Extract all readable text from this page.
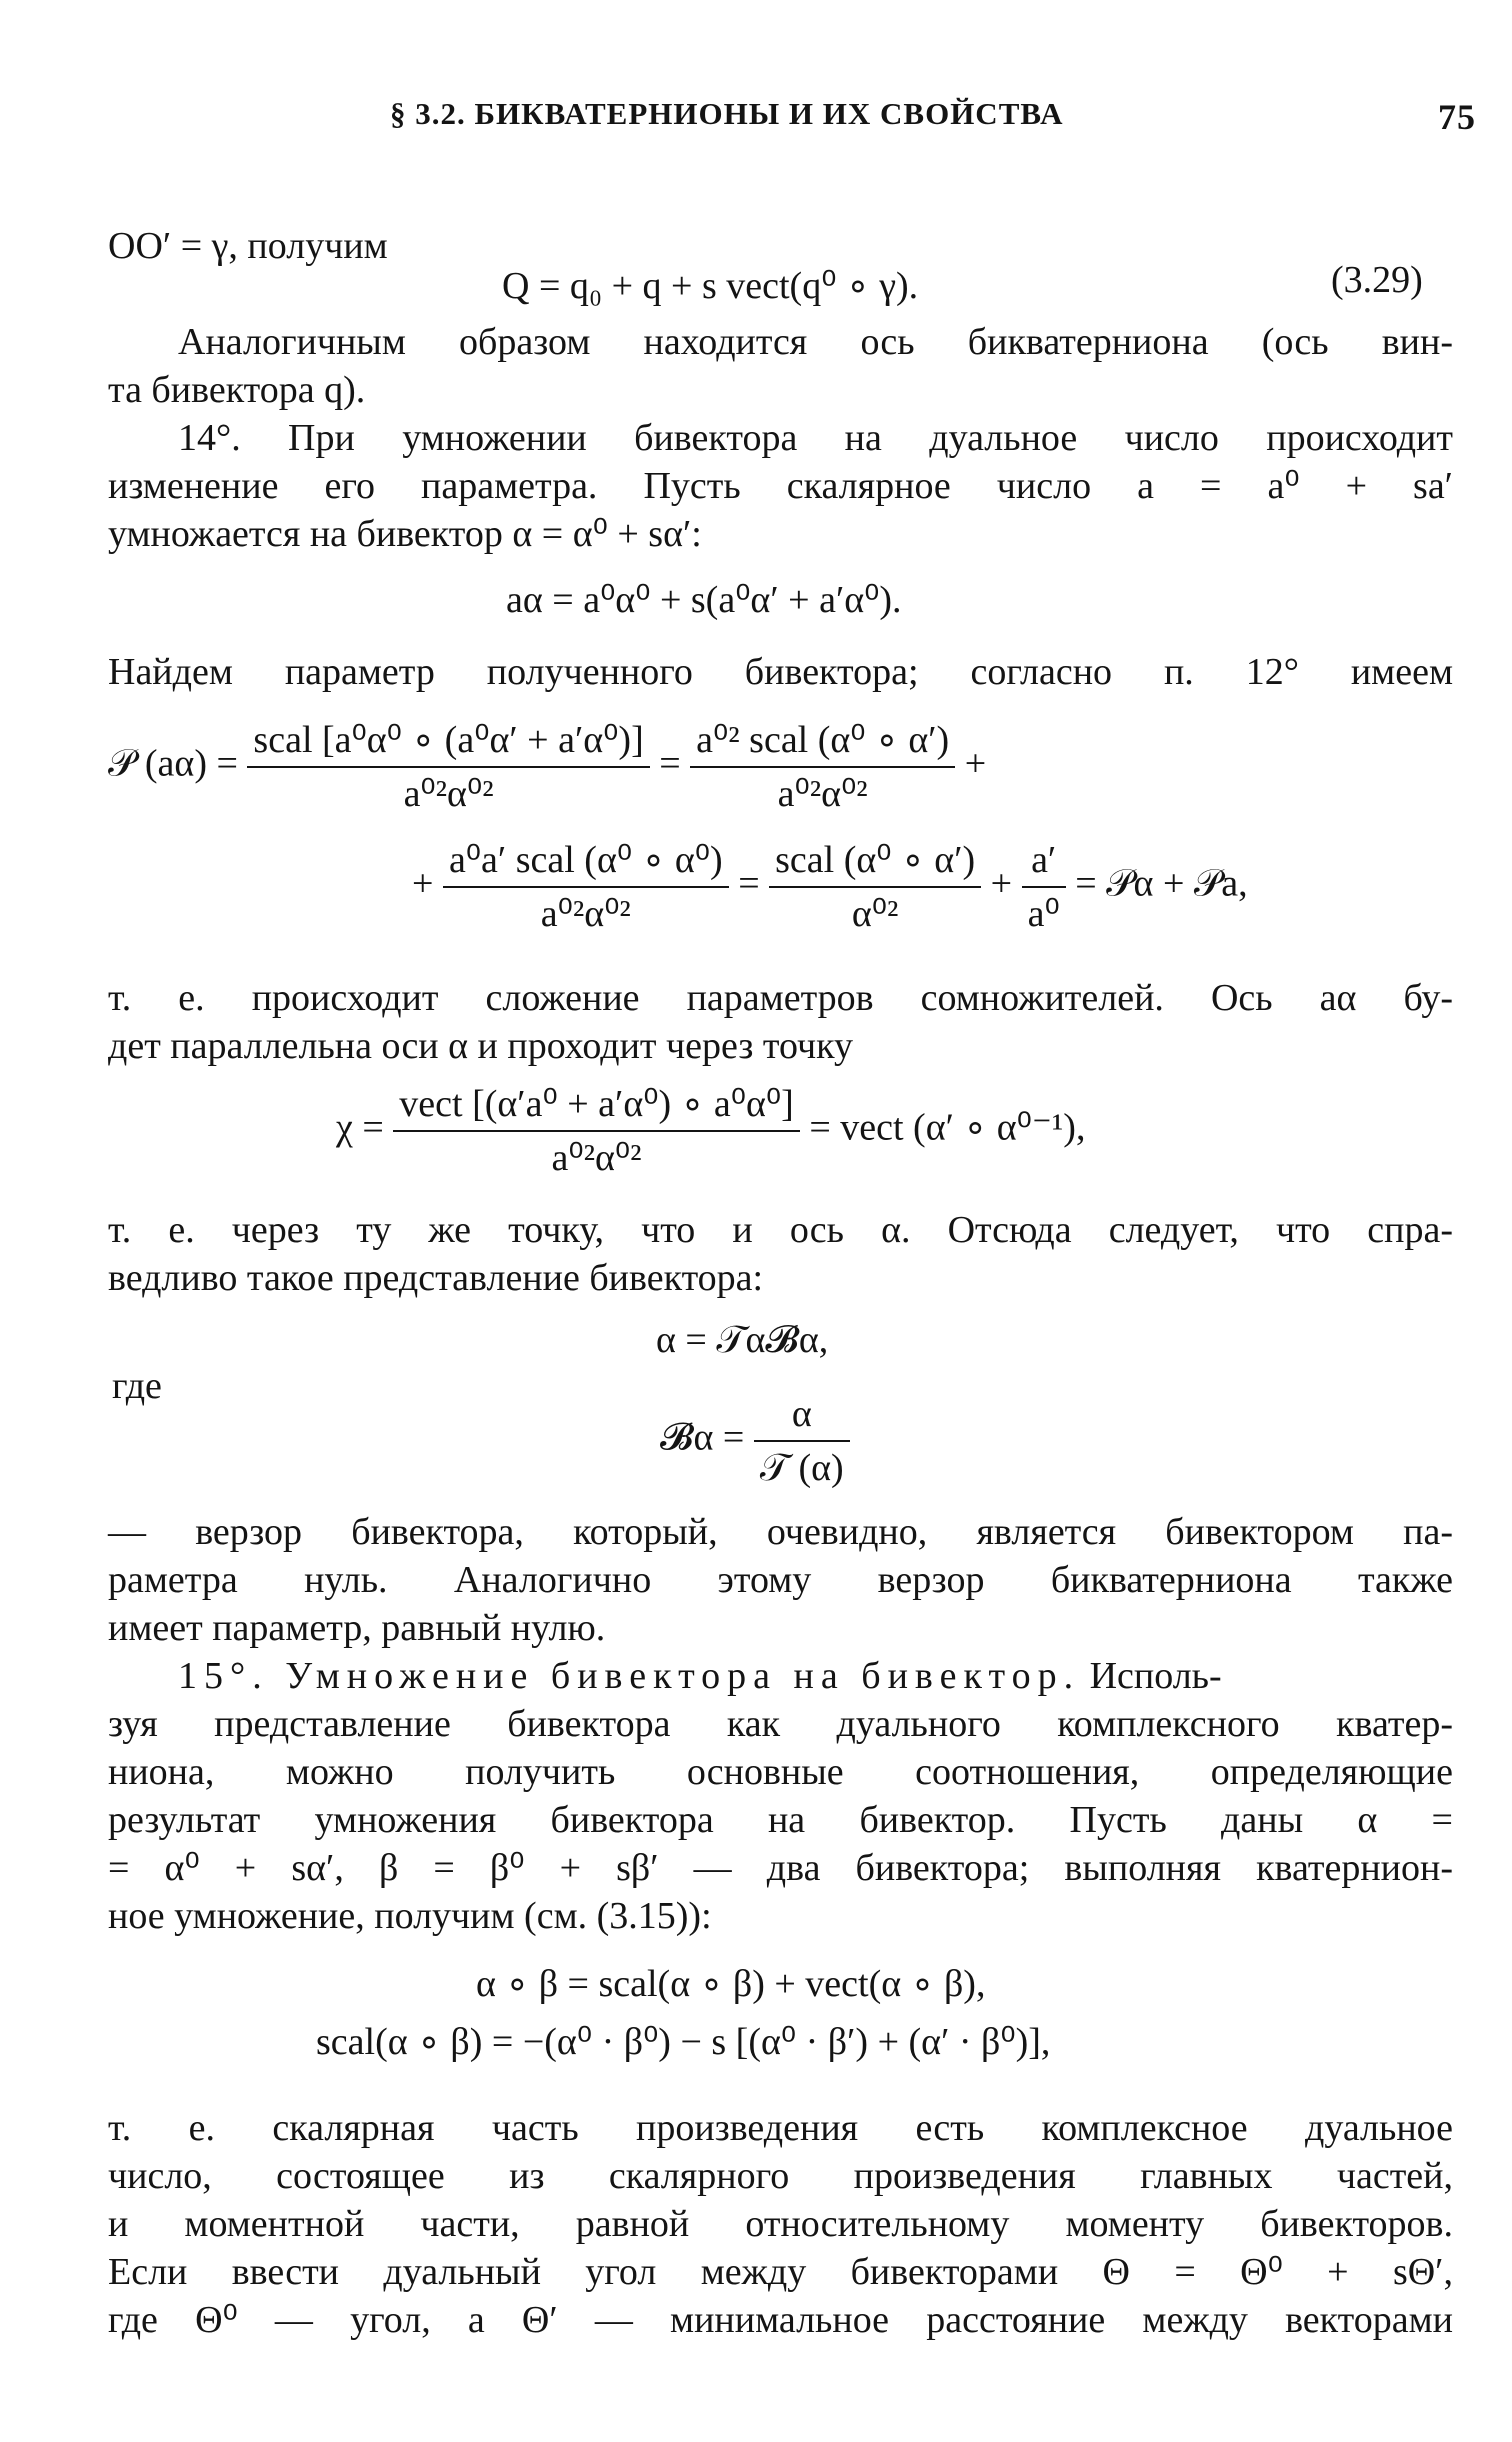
§ 3.2. БИКВАТЕРНИОНЫ И ИХ СВОЙСТВА	75
OO′ = γ, получим
Q = q₀ + q + s vect(q⁰ ∘ γ).	(3.29)
Аналогичным образом находится ось бикватерниона (ось вин-
та бивектора q).
14°. При умножении бивектора на дуальное число происходит
изменение его параметра. Пусть скалярное число a = a⁰ + sa′
умножается на бивектор α = α⁰ + sα′:
aα = a⁰α⁰ + s(a⁰α′ + a′α⁰).
Найдем параметр полученного бивектора; согласно п. 12° имеем
𝒫 $(a\alpha) = \frac{\text{scal [a⁰α⁰ ∘ (a⁰α′ + a′α⁰)]}}{\text{a⁰²α⁰²}} = \frac{\text{a⁰² scal (α⁰ ∘ α′)}}{\text{a⁰²α⁰²}}$ +
+ $\frac{\text{a⁰a′ scal (α⁰ ∘ α⁰)}}{\text{a⁰²α⁰²}} = \frac{\text{scal (α⁰ ∘ α′)}}{\text{α⁰²}} + \frac{a'}{\text{a⁰}}$ = 𝒫α + 𝒫a,
т. е. происходит сложение параметров сомножителей. Ось aα бу-
дет параллельна оси α и проходит через точку
$\chi = \frac{\text{vect [(α′a⁰ + a′α⁰) ∘ a⁰α⁰]}}{\text{a⁰²α⁰²}}$ = vect (α′ ∘ α⁰⁻¹),
т. е. через ту же точку, что и ось α. Отсюда следует, что спра-
ведливо такое представление бивектора:
α = 𝒯α𝓑α,
где
𝓑α = $\frac{\alpha}{\text{𝒯 (α)}}$
— верзор бивектора, который, очевидно, является бивектором па-
раметра нуль. Аналогично этому верзор бикватерниона также
имеет параметр, равный нулю.
15°. Умножение бивектора на бивектор. Исполь-
зуя представление бивектора как дуального комплексного кватер-
ниона, можно получить основные соотношения, определяющие
результат умножения бивектора на бивектор. Пусть даны α =
= α⁰ + sα′, β = β⁰ + sβ′ — два бивектора; выполняя кватернион-
ное умножение, получим (см. (3.15)):
α ∘ β = scal(α ∘ β) + vect(α ∘ β),
scal(α ∘ β) = −(α⁰ · β⁰) − s [(α⁰ · β′) + (α′ · β⁰)],
т. е. скалярная часть произведения есть комплексное дуальное
число, состоящее из скалярного произведения главных частей,
и моментной части, равной относительному моменту бивекторов.
Если ввести дуальный угол между бивекторами Θ = Θ⁰ + sΘ′,
где Θ⁰ — угол, а Θ′ — минимальное расстояние между векторами
